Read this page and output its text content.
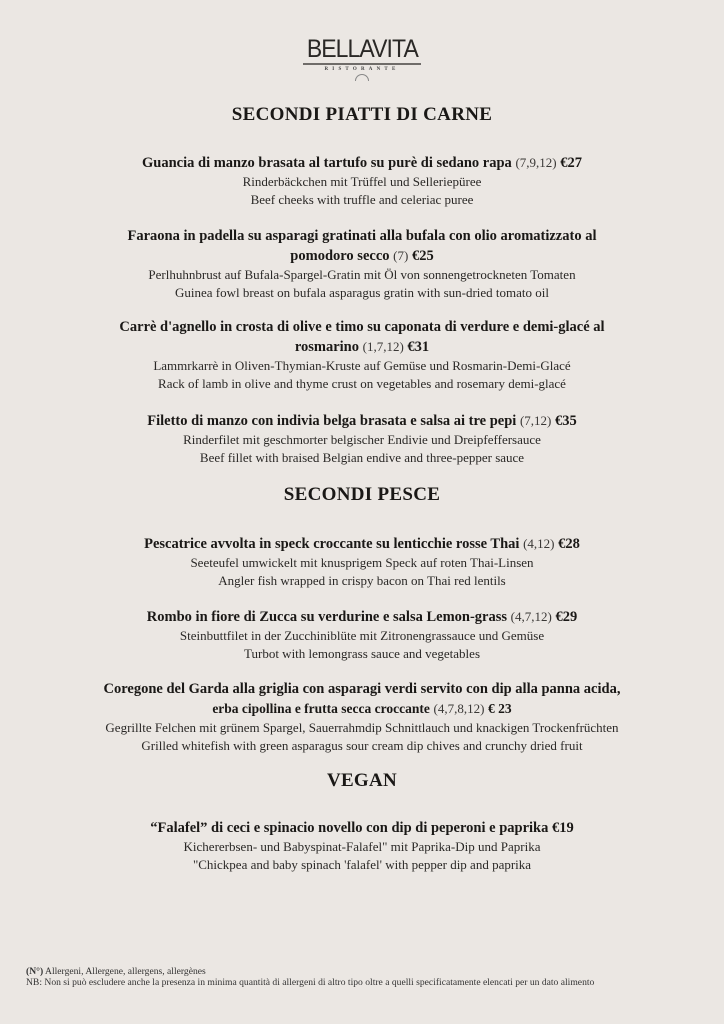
BELLAVITA
RISTORANTE
SECONDI PIATTI DI CARNE
Guancia di manzo brasata al tartufo su purè di sedano rapa (7,9,12) €27
Rinderbäckchen mit Trüffel und Selleriepüree
Beef cheeks with truffle and celeriac puree
Faraona in padella su asparagi gratinati alla bufala con olio aromatizzato al
pomodoro secco (7) €25
Perlhuhnbrust auf Bufala-Spargel-Gratin mit Öl von sonnengetrockneten Tomaten
Guinea fowl breast on bufala asparagus gratin with sun-dried tomato oil
Carrè d'agnello in crosta di olive e timo su caponata di verdure e demi-glacé al
rosmarino (1,7,12) €31
Lammrkarrè in Oliven-Thymian-Kruste auf Gemüse und Rosmarin-Demi-Glacé
Rack of lamb in olive and thyme crust on vegetables and rosemary demi-glacé
Filetto di manzo con indivia belga brasata e salsa ai tre pepi (7,12) €35
Rinderfilet mit geschmorter belgischer Endivie und Dreipfeffersauce
Beef fillet with braised Belgian endive and three-pepper sauce
SECONDI PESCE
Pescatrice avvolta in speck croccante su lenticchie rosse Thai (4,12) €28
Seeteufel umwickelt mit knusprigem Speck auf roten Thai-Linsen
Angler fish wrapped in crispy bacon on Thai red lentils
Rombo in fiore di Zucca su verdurine e salsa Lemon-grass (4,7,12) €29
Steinbuttfilet in der Zucchiniblüte mit Zitronengrassauce und Gemüse
Turbot with lemongrass sauce and vegetables
Coregone del Garda alla griglia con asparagi verdi servito con dip alla panna acida,
erba cipollina e frutta secca croccante (4,7,8,12) € 23
Gegrillte Felchen mit grünem Spargel, Sauerrahmdip Schnittlauch und knackigen Trockenfrüchten
Grilled whitefish with green asparagus sour cream dip chives and crunchy dried fruit
VEGAN
“Falafel” di ceci e spinacio novello con dip di peperoni e paprika €19
Kichererbsen- und Babyspinat-Falafel" mit Paprika-Dip und Paprika
"Chickpea and baby spinach 'falafel' with pepper dip and paprika
(N°) Allergeni, Allergene, allergens, allergènes
NB: Non si può escludere anche la presenza in minima quantità di allergeni di altro tipo oltre a quelli specificatamente elencati per un dato alimento
